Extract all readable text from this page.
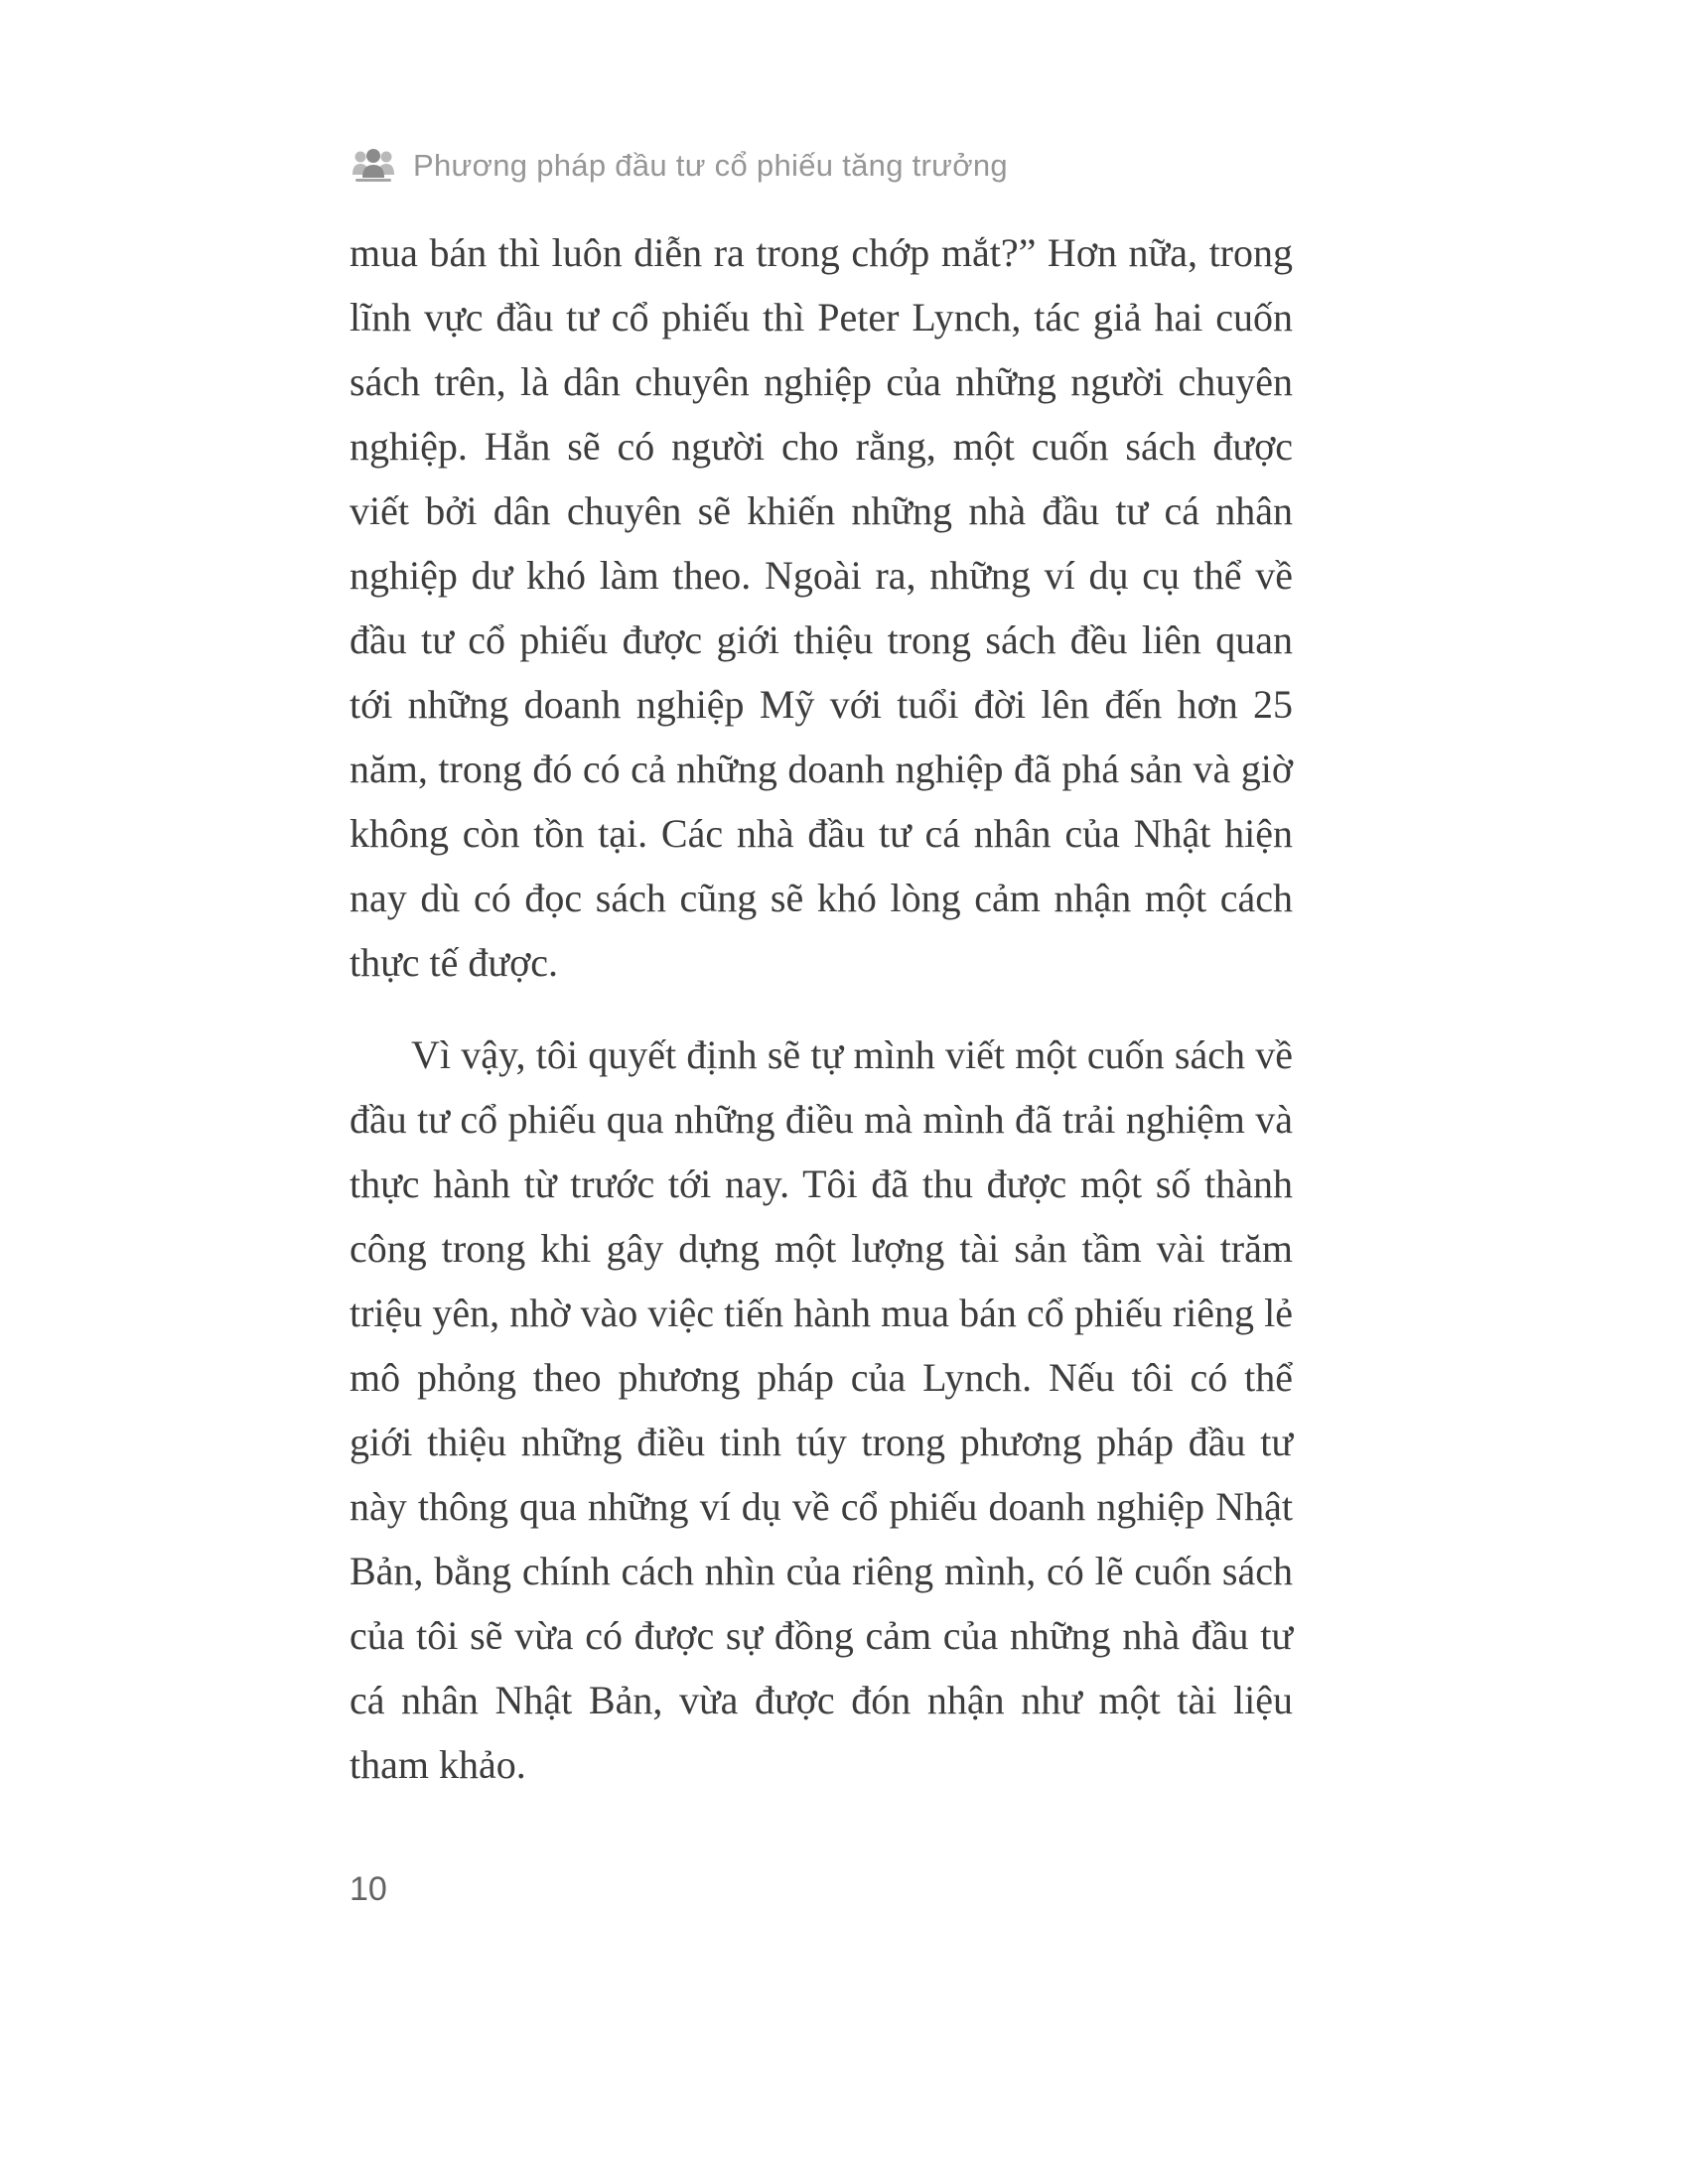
Phương pháp đầu tư cổ phiếu tăng trưởng

mua bán thì luôn diễn ra trong chớp mắt?” Hơn nữa, trong lĩnh vực đầu tư cổ phiếu thì Peter Lynch, tác giả hai cuốn sách trên, là dân chuyên nghiệp của những người chuyên nghiệp. Hẳn sẽ có người cho rằng, một cuốn sách được viết bởi dân chuyên sẽ khiến những nhà đầu tư cá nhân nghiệp dư khó làm theo. Ngoài ra, những ví dụ cụ thể về đầu tư cổ phiếu được giới thiệu trong sách đều liên quan tới những doanh nghiệp Mỹ với tuổi đời lên đến hơn 25 năm, trong đó có cả những doanh nghiệp đã phá sản và giờ không còn tồn tại. Các nhà đầu tư cá nhân của Nhật hiện nay dù có đọc sách cũng sẽ khó lòng cảm nhận một cách thực tế được.

Vì vậy, tôi quyết định sẽ tự mình viết một cuốn sách về đầu tư cổ phiếu qua những điều mà mình đã trải nghiệm và thực hành từ trước tới nay. Tôi đã thu được một số thành công trong khi gây dựng một lượng tài sản tầm vài trăm triệu yên, nhờ vào việc tiến hành mua bán cổ phiếu riêng lẻ mô phỏng theo phương pháp của Lynch. Nếu tôi có thể giới thiệu những điều tinh túy trong phương pháp đầu tư này thông qua những ví dụ về cổ phiếu doanh nghiệp Nhật Bản, bằng chính cách nhìn của riêng mình, có lẽ cuốn sách của tôi sẽ vừa có được sự đồng cảm của những nhà đầu tư cá nhân Nhật Bản, vừa được đón nhận như một tài liệu tham khảo.

10
